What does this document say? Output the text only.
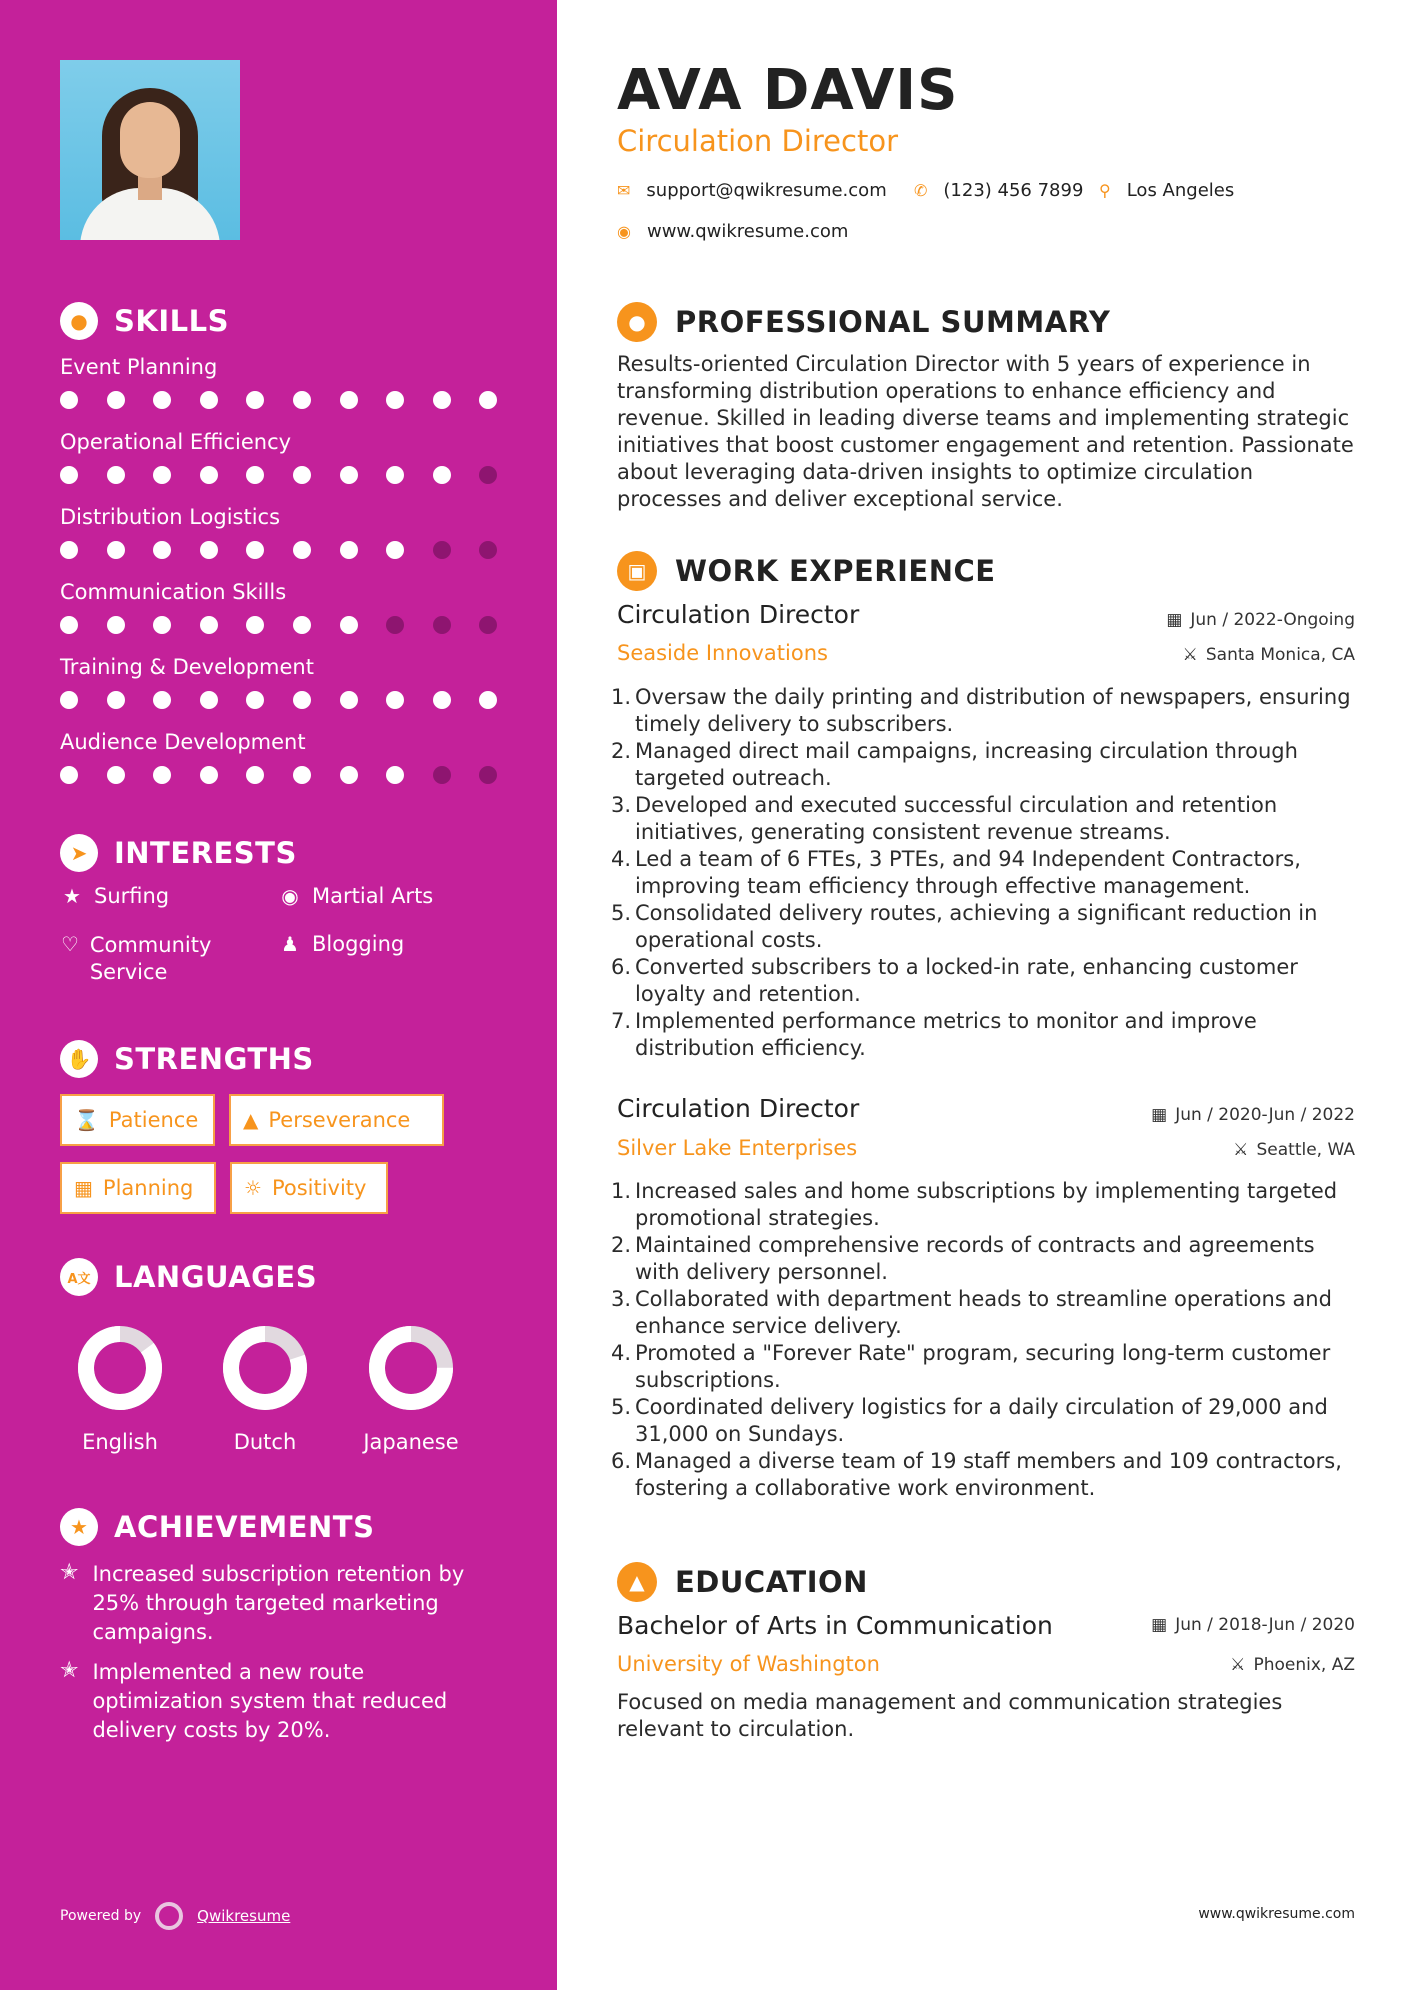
● SKILLS
Event Planning
Operational Efficiency
Distribution Logistics
Communication Skills
Training & Development
Audience Development
➤ INTERESTS
★ Surfing	◉ Martial Arts
♡ Community Service
♟ Blogging
✋ STRENGTHS
⌛ Patience ▲ Perseverance
▦ Planning	☼ Positivity
A文 LANGUAGES
English	Dutch	Japanese
★ ACHIEVEMENTS
✭ Increased subscription retention by 25% through targeted marketing campaigns.
✭ Implemented a new route optimization system that reduced delivery costs by 20%.
Powered by	Qwikresume
AVA DAVIS
Circulation Director
✉ support@qwikresume.com ✆ (123) 456 7899 ⚲ Los Angeles
◉ www.qwikresume.com
●	PROFESSIONAL SUMMARY
Results-oriented Circulation Director with 5 years of experience in transforming distribution operations to enhance efficiency and revenue. Skilled in leading diverse teams and implementing strategic initiatives that boost customer engagement and retention. Passionate about leveraging data-driven insights to optimize circulation processes and deliver exceptional service.
▣ WORK EXPERIENCE
Circulation Director	▦ Jun / 2022-Ongoing
Seaside Innovations	⚔ Santa Monica, CA
1. Oversaw the daily printing and distribution of newspapers, ensuring timely delivery to subscribers.
2. Managed direct mail campaigns, increasing circulation through targeted outreach.
3. Developed and executed successful circulation and retention initiatives, generating consistent revenue streams.
4. Led a team of 6 FTEs, 3 PTEs, and 94 Independent Contractors, improving team efficiency through effective management.
5. Consolidated delivery routes, achieving a significant reduction in operational costs.
6. Converted subscribers to a locked-in rate, enhancing customer loyalty and retention.
7. Implemented performance metrics to monitor and improve distribution efficiency.
Circulation Director	▦ Jun / 2020-Jun / 2022
Silver Lake Enterprises	⚔ Seattle, WA
1. Increased sales and home subscriptions by implementing targeted promotional strategies.
2. Maintained comprehensive records of contracts and agreements with delivery personnel.
3. Collaborated with department heads to streamline operations and enhance service delivery.
4. Promoted a "Forever Rate" program, securing long-term customer subscriptions.
5. Coordinated delivery logistics for a daily circulation of 29,000 and 31,000 on Sundays.
6. Managed a diverse team of 19 staff members and 109 contractors, fostering a collaborative work environment.
▲	EDUCATION
Bachelor of Arts in Communication	▦ Jun / 2018-Jun / 2020
University of Washington	⚔ Phoenix, AZ
Focused on media management and communication strategies relevant to circulation.
www.qwikresume.com
